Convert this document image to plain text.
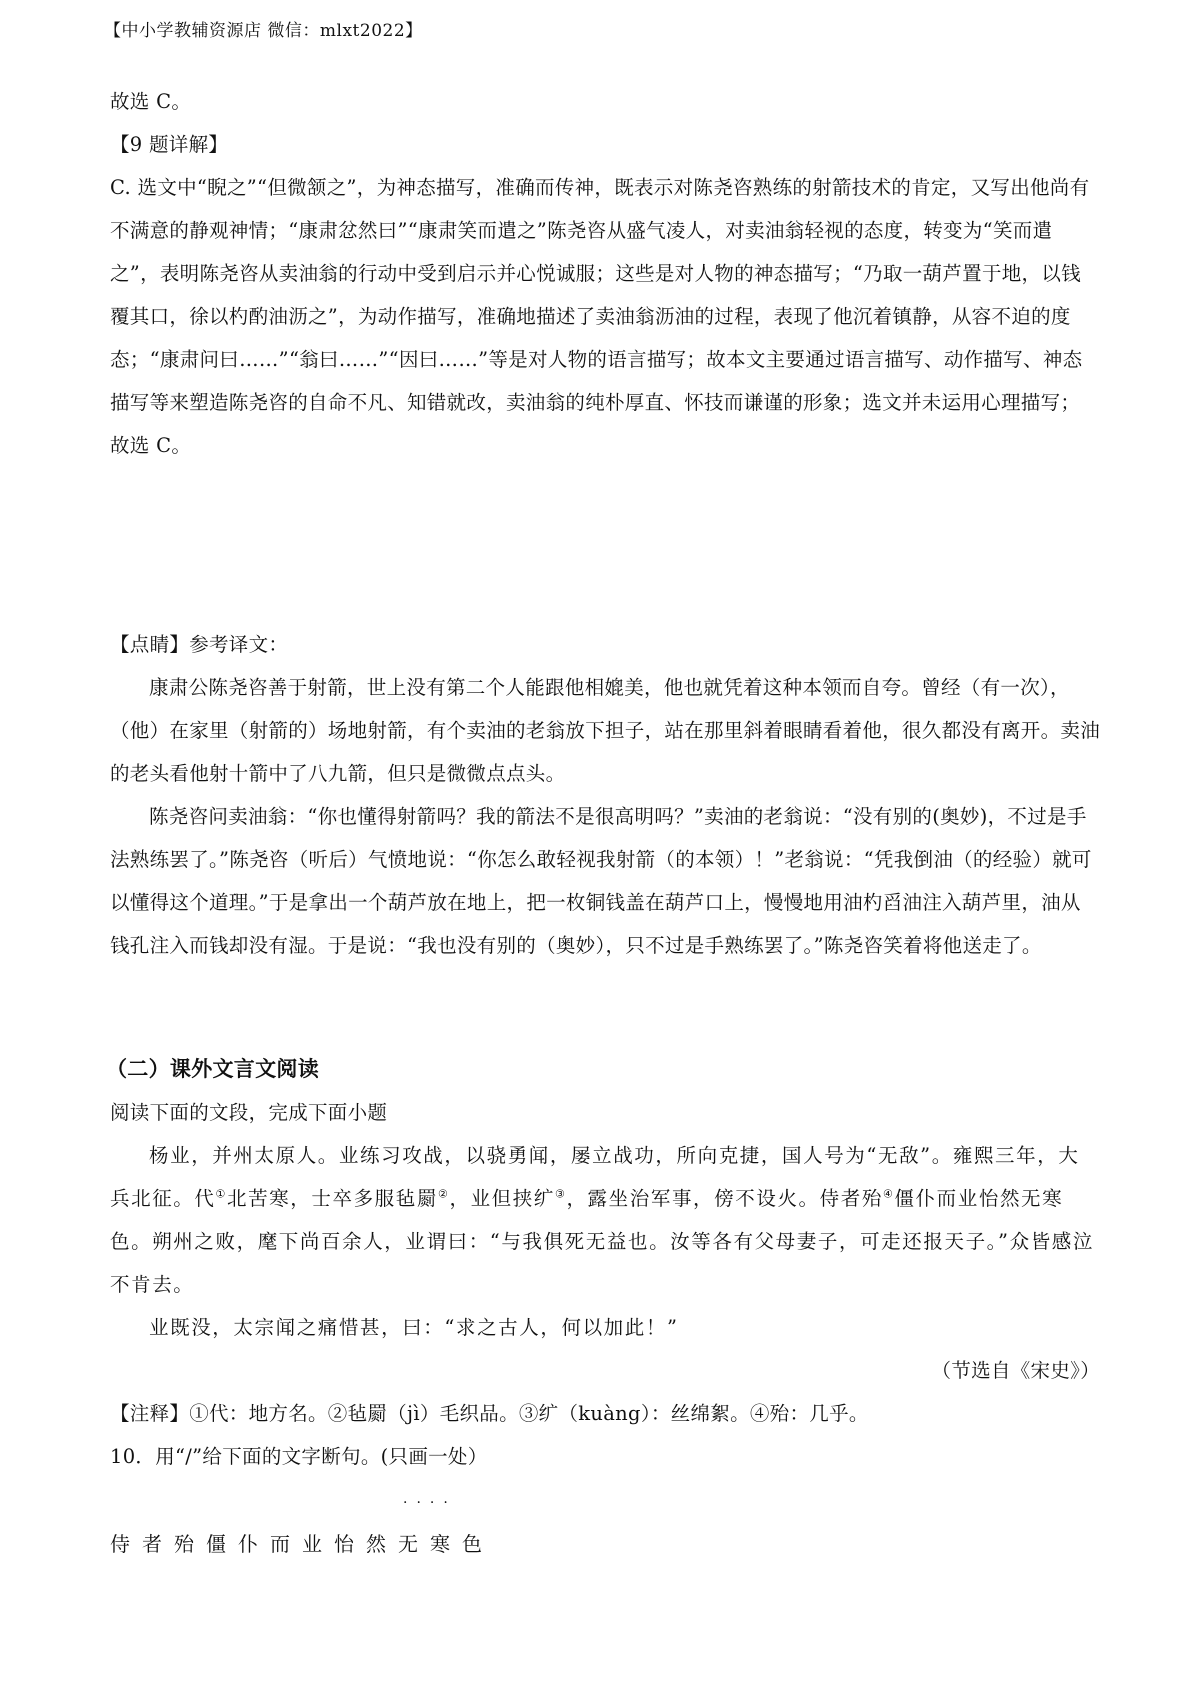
【中小学教辅资源店 微信：mlxt2022】

故选 C。

【9 题详解】

C. 选文中“睨之”“但微颔之”，为神态描写，准确而传神，既表示对陈尧咨熟练的射箭技术的肯定，又写出他尚有不满意的静观神情；“康肃忿然曰”“康肃笑而遣之”陈尧咨从盛气凌人，对卖油翁轻视的态度，转变为“笑而遣之”，表明陈尧咨从卖油翁的行动中受到启示并心悦诚服；这些是对人物的神态描写；“乃取一葫芦置于地，以钱覆其口，徐以杓酌油沥之”，为动作描写，准确地描述了卖油翁沥油的过程，表现了他沉着镇静，从容不迫的度态；“康肃问曰……”“翁曰……”“因曰……”等是对人物的语言描写；故本文主要通过语言描写、动作描写、神态描写等来塑造陈尧咨的自命不凡、知错就改，卖油翁的纯朴厚直、怀技而谦谨的形象；选文并未运用心理描写；

故选 C。

【点睛】参考译文：

康肃公陈尧咨善于射箭，世上没有第二个人能跟他相媲美，他也就凭着这种本领而自夸。曾经（有一次），（他）在家里（射箭的）场地射箭，有个卖油的老翁放下担子，站在那里斜着眼睛看着他，很久都没有离开。卖油的老头看他射十箭中了八九箭，但只是微微点点头。

陈尧咨问卖油翁：“你也懂得射箭吗？我的箭法不是很高明吗？”卖油的老翁说：“没有别的(奥妙)，不过是手法熟练罢了。”陈尧咨（听后）气愤地说：“你怎么敢轻视我射箭（的本领）！”老翁说：“凭我倒油（的经验）就可以懂得这个道理。”于是拿出一个葫芦放在地上，把一枚铜钱盖在葫芦口上，慢慢地用油杓舀油注入葫芦里，油从钱孔注入而钱却没有湿。于是说：“我也没有别的（奥妙），只不过是手熟练罢了。”陈尧咨笑着将他送走了。

（二）课外文言文阅读

阅读下面的文段，完成下面小题

杨业，并州太原人。业练习攻战，以骁勇闻，屡立战功，所向克捷，国人号为“无敌”。雍熙三年，大兵北征。代①北苦寒，士卒多服毡罽②，业但挟纩③，露坐治军事，傍不设火。侍者殆④僵仆而业怡然无寒色。朔州之败，麾下尚百余人，业谓曰：“与我俱死无益也。汝等各有父母妻子，可走还报天子。”众皆感泣不肯去。

业既没，太宗闻之痛惜甚，曰：“求之古人，何以加此！”

（节选自《宋史》）

【注释】①代：地方名。②毡罽（jì）毛织品。③纩（kuàng）：丝绵絮。④殆：几乎。

10．用“/”给下面的文字断句。(只画一处）

····
侍者殆僵仆而业怡然无寒色
